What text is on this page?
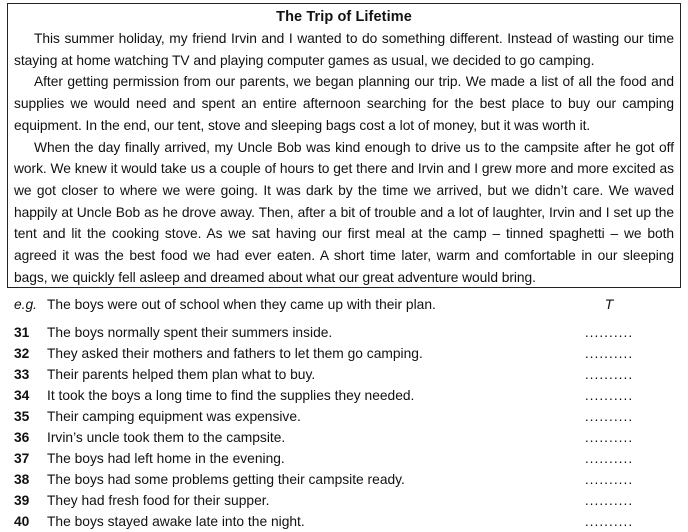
The Trip of Lifetime

This summer holiday, my friend Irvin and I wanted to do something different. Instead of wasting our time staying at home watching TV and playing computer games as usual, we decided to go camping.

After getting permission from our parents, we began planning our trip. We made a list of all the food and supplies we would need and spent an entire afternoon searching for the best place to buy our camping equipment. In the end, our tent, stove and sleeping bags cost a lot of money, but it was worth it.

When the day finally arrived, my Uncle Bob was kind enough to drive us to the campsite after he got off work. We knew it would take us a couple of hours to get there and Irvin and I grew more and more excited as we got closer to where we were going. It was dark by the time we arrived, but we didn’t care. We waved happily at Uncle Bob as he drove away. Then, after a bit of trouble and a lot of laughter, Irvin and I set up the tent and lit the cooking stove. As we sat having our first meal at the camp – tinned spaghetti – we both agreed it was the best food we had ever eaten. A short time later, warm and comfortable in our sleeping bags, we quickly fell asleep and dreamed about what our great adventure would bring.

e.g. The boys were out of school when they came up with their plan.	T
31	The boys normally spent their summers inside.	..........
32	They asked their mothers and fathers to let them go camping.	..........
33	Their parents helped them plan what to buy.	..........
34	It took the boys a long time to find the supplies they needed.	..........
35	Their camping equipment was expensive.	..........
36	Irvin’s uncle took them to the campsite.	..........
37	The boys had left home in the evening.	..........
38	The boys had some problems getting their campsite ready.	..........
39	They had fresh food for their supper.	..........
40	The boys stayed awake late into the night.	..........
